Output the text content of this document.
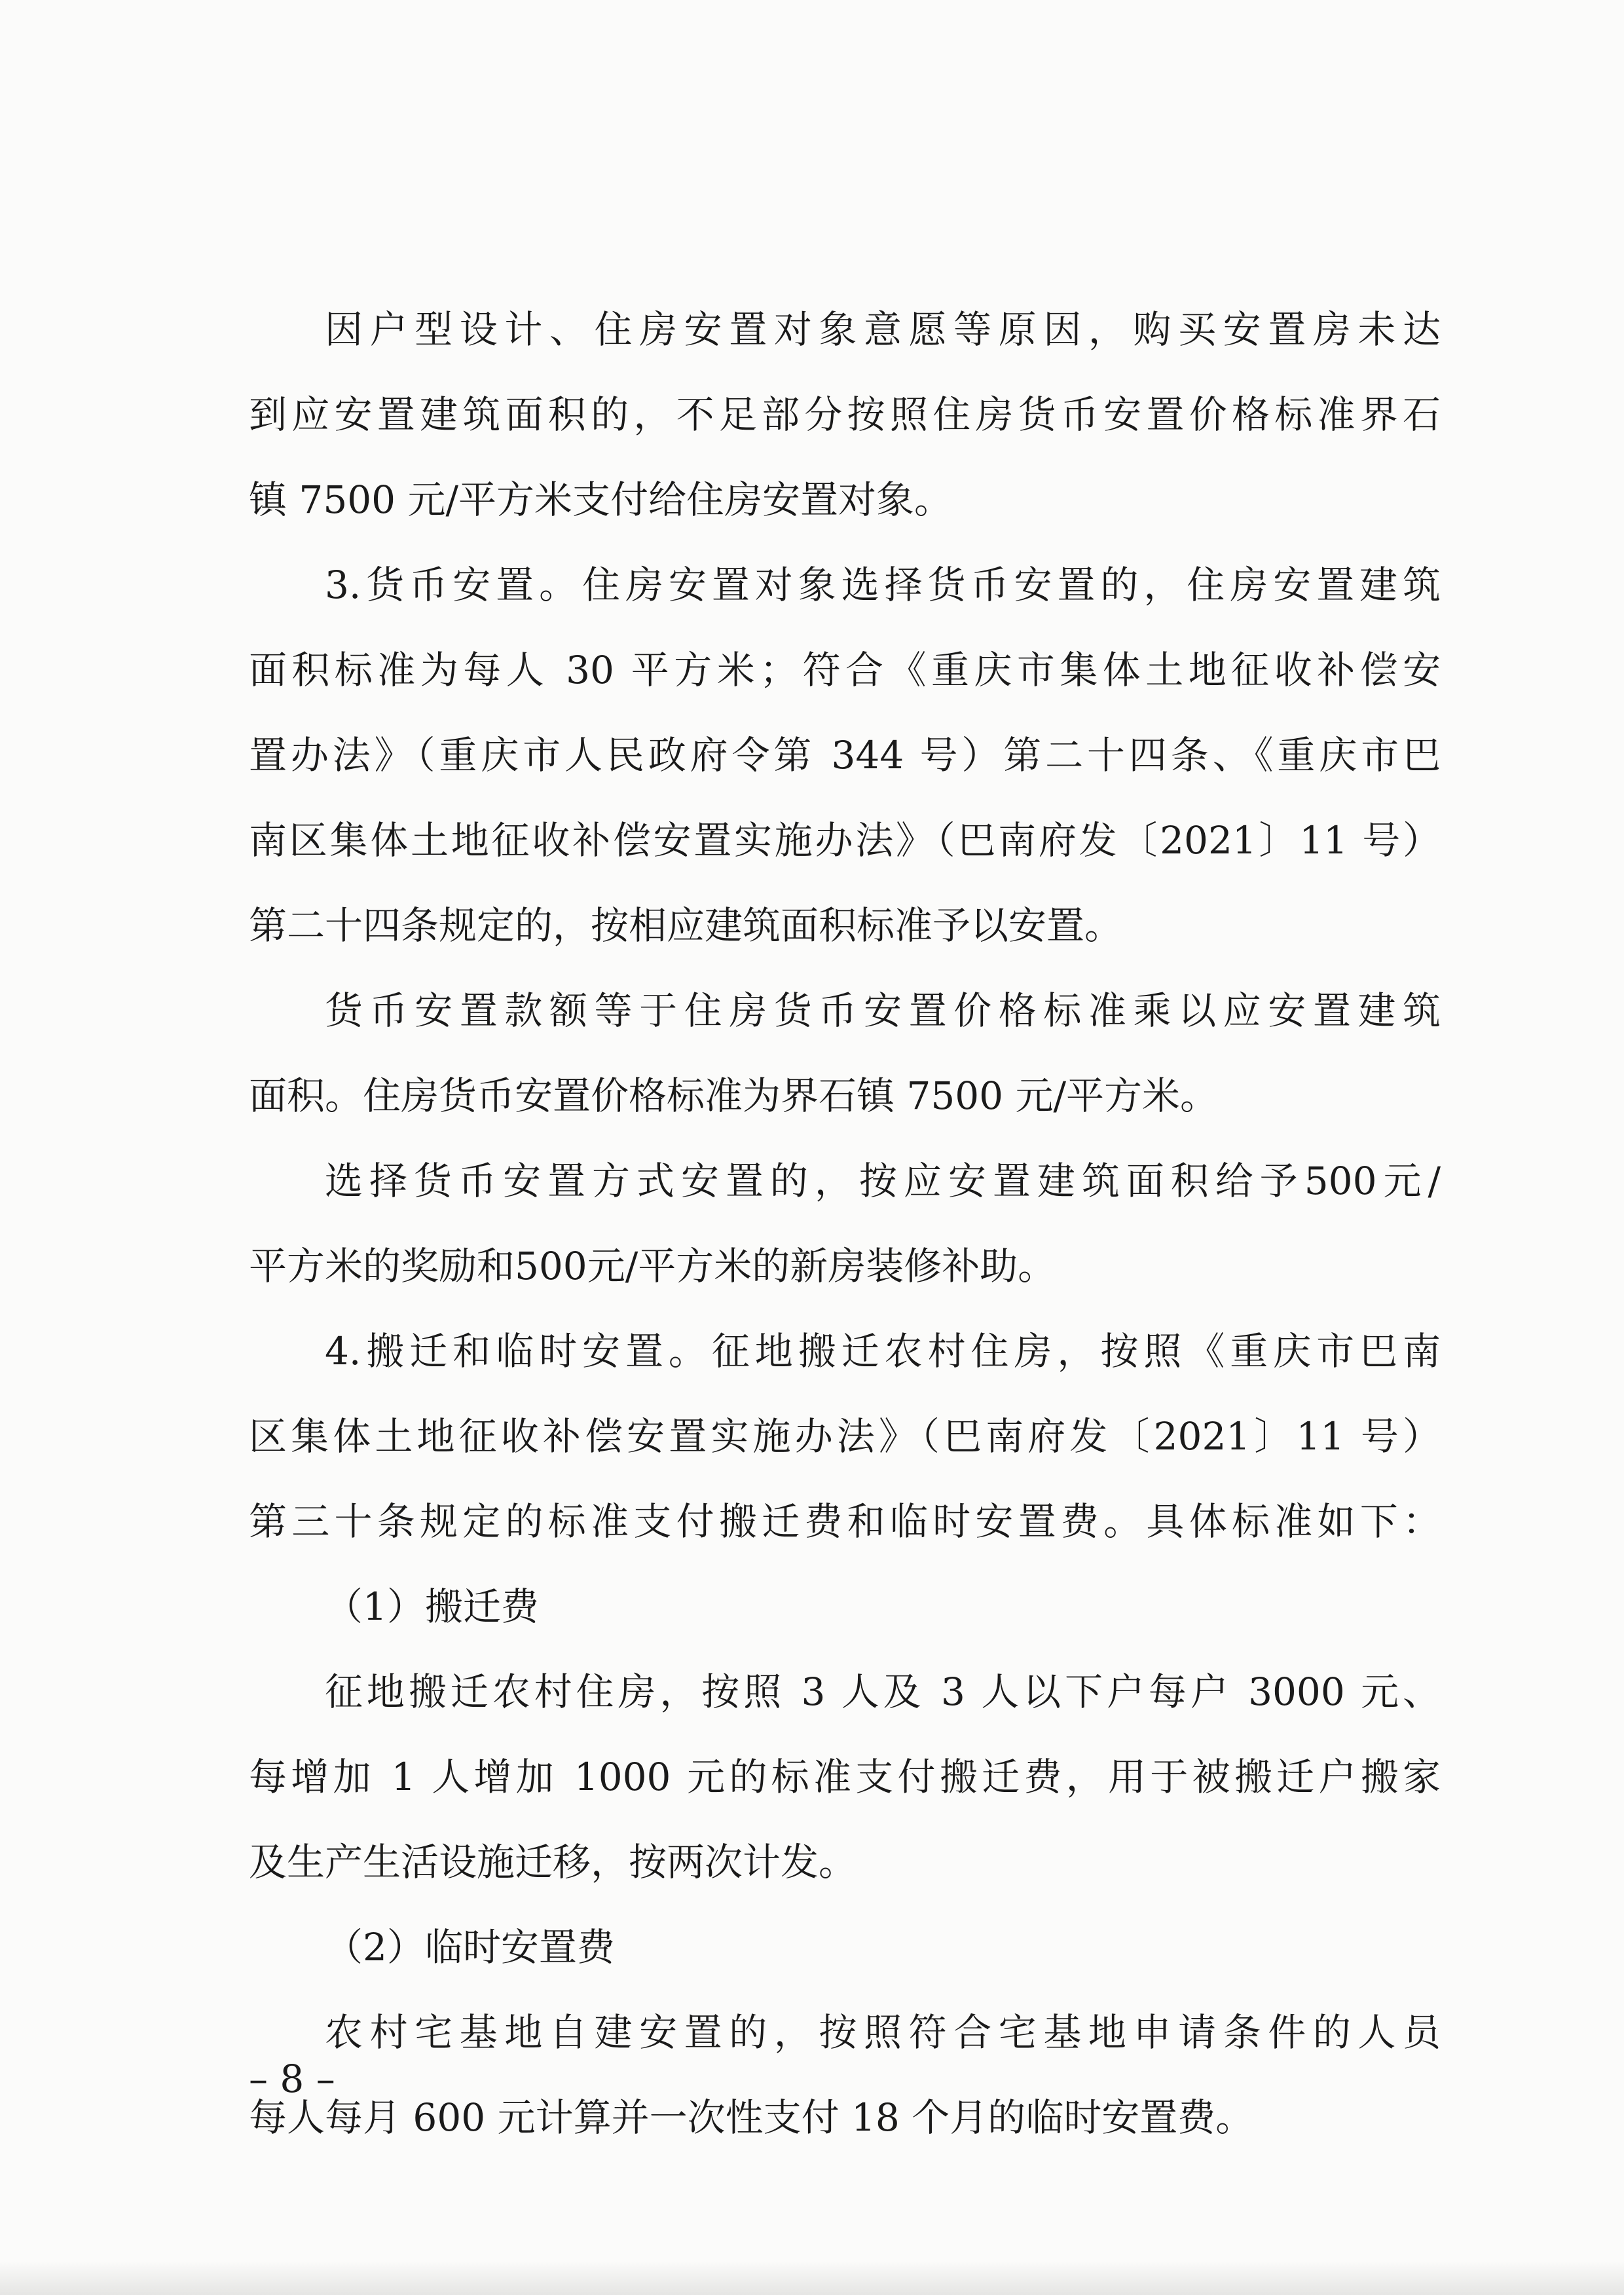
因户型设计、住房安置对象意愿等原因，购买安置房未达
到应安置建筑面积的，不足部分按照住房货币安置价格标准界石
镇 7500 元/平方米支付给住房安置对象。
3.货币安置。住房安置对象选择货币安置的，住房安置建筑
面积标准为每人 30 平方米；符合《重庆市集体土地征收补偿安
置办法》（重庆市人民政府令第 344 号）第二十四条、《重庆市巴
南区集体土地征收补偿安置实施办法》（巴南府发〔2021〕11 号）
第二十四条规定的，按相应建筑面积标准予以安置。
货币安置款额等于住房货币安置价格标准乘以应安置建筑
面积。住房货币安置价格标准为界石镇 7500 元/平方米。
选择货币安置方式安置的，按应安置建筑面积给予500元/
平方米的奖励和500元/平方米的新房装修补助。
4.搬迁和临时安置。征地搬迁农村住房，按照《重庆市巴南
区集体土地征收补偿安置实施办法》（巴南府发〔2021〕11 号）
第三十条规定的标准支付搬迁费和临时安置费。具体标准如下：
（1）搬迁费
征地搬迁农村住房，按照 3 人及 3 人以下户每户 3000 元、
每增加 1 人增加 1000 元的标准支付搬迁费，用于被搬迁户搬家
及生产生活设施迁移，按两次计发。
（2）临时安置费
农村宅基地自建安置的，按照符合宅基地申请条件的人员
每人每月 600 元计算并一次性支付 18 个月的临时安置费。
– 8 –
